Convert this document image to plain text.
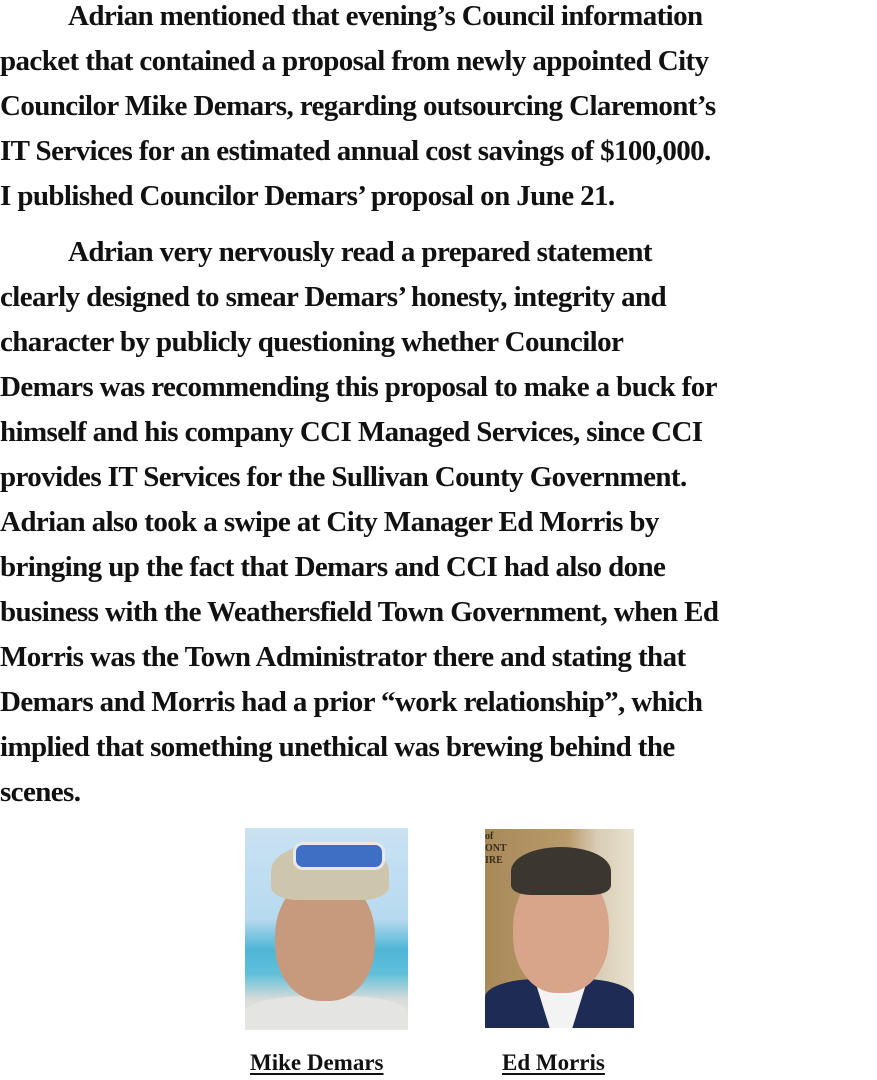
Adrian mentioned that evening’s Council information
packet that contained a proposal from newly appointed City
Councilor Mike Demars, regarding outsourcing Claremont’s
IT Services for an estimated annual cost savings of $100,000.
I published Councilor Demars’ proposal on June 21.
Adrian very nervously read a prepared statement
clearly designed to smear Demars’ honesty, integrity and
character by publicly questioning whether Councilor
Demars was recommending this proposal to make a buck for
himself and his company CCI Managed Services, since CCI
provides IT Services for the Sullivan County Government.
Adrian also took a swipe at City Manager Ed Morris by
bringing up the fact that Demars and CCI had also done
business with the Weathersfield Town Government, when Ed
Morris was the Town Administrator there and stating that
Demars and Morris had a prior “work relationship”, which
implied that something unethical was brewing behind the
scenes.
of
ONT
IRE
Mike Demars	Ed Morris
